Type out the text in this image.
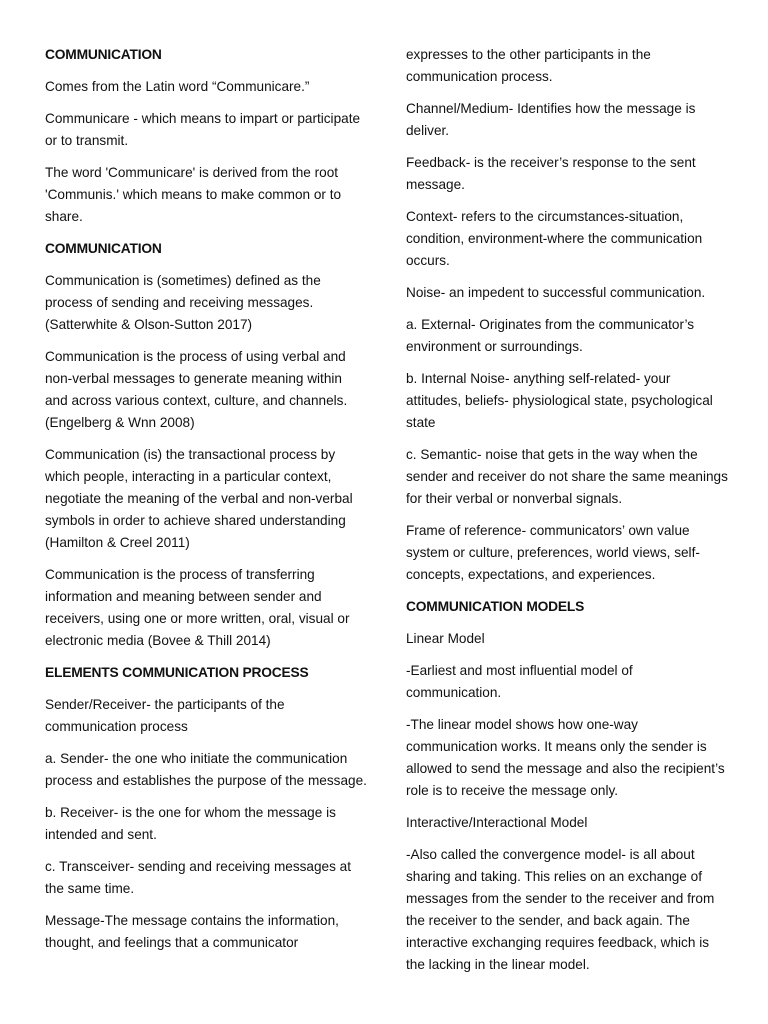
COMMUNICATION

Comes from the Latin word “Communicare.”

Communicare - which means to impart or participate or to transmit.

The word 'Communicare' is derived from the root 'Communis.' which means to make common or to share.

COMMUNICATION

Communication is (sometimes) defined as the process of sending and receiving messages. (Satterwhite & Olson-Sutton 2017)

Communication is the process of using verbal and non-verbal messages to generate meaning within and across various context, culture, and channels. (Engelberg & Wnn 2008)

Communication (is) the transactional process by which people, interacting in a particular context, negotiate the meaning of the verbal and non-verbal symbols in order to achieve shared understanding (Hamilton & Creel 2011)

Communication is the process of transferring information and meaning between sender and receivers, using one or more written, oral, visual or electronic media (Bovee & Thill 2014)

ELEMENTS COMMUNICATION PROCESS

Sender/Receiver- the participants of the communication process

a. Sender- the one who initiate the communication process and establishes the purpose of the message.

b. Receiver- is the one for whom the message is intended and sent.

c. Transceiver- sending and receiving messages at the same time.

Message-The message contains the information, thought, and feelings that a communicator

expresses to the other participants in the communication process.

Channel/Medium- Identifies how the message is deliver.

Feedback- is the receiver’s response to the sent message.

Context- refers to the circumstances-situation, condition, environment-where the communication occurs.

Noise- an impedent to successful communication.

a. External- Originates from the communicator’s environment or surroundings.

b. Internal Noise- anything self-related- your attitudes, beliefs- physiological state, psychological state

c. Semantic- noise that gets in the way when the sender and receiver do not share the same meanings for their verbal or nonverbal signals.

Frame of reference- communicators’ own value system or culture, preferences, world views, self-concepts, expectations, and experiences.

COMMUNICATION MODELS

Linear Model

-Earliest and most influential model of communication.

-The linear model shows how one-way communication works. It means only the sender is allowed to send the message and also the recipient’s role is to receive the message only.

Interactive/Interactional Model

-Also called the convergence model- is all about sharing and taking. This relies on an exchange of messages from the sender to the receiver and from the receiver to the sender, and back again. The interactive exchanging requires feedback, which is the lacking in the linear model.
